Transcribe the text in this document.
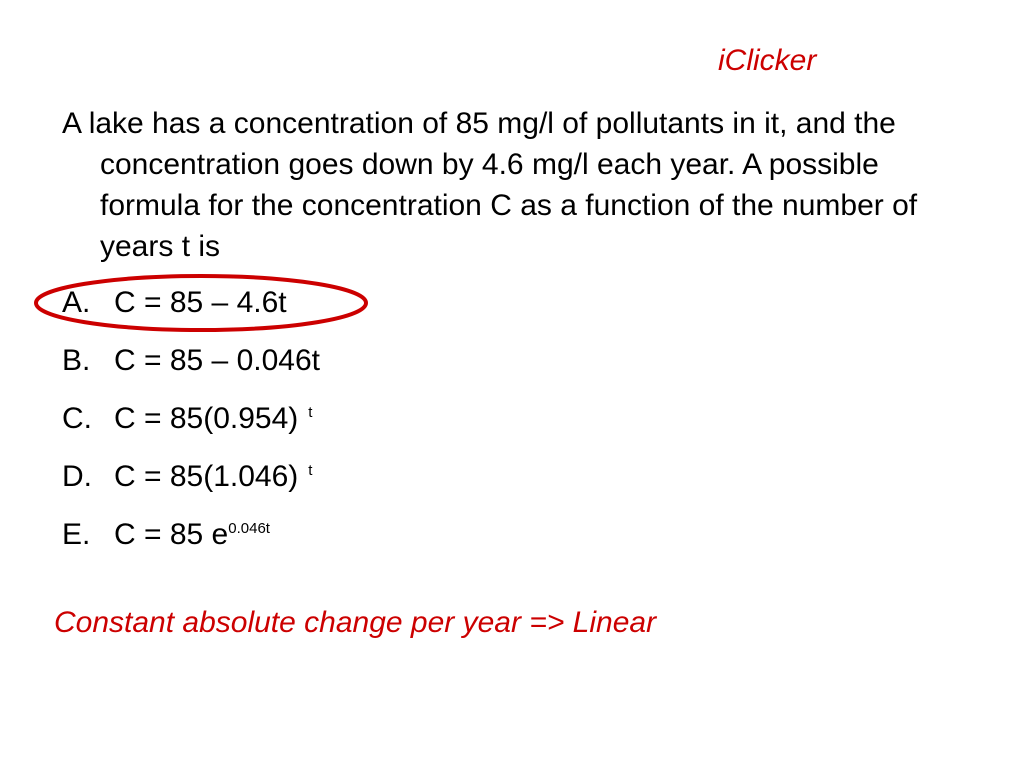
iClicker

A lake has a concentration of 85 mg/l of pollutants in it, and the concentration goes down by 4.6 mg/l each year. A possible formula for the concentration C as a function of the number of years t is

A. C = 85 – 4.6t
B. C = 85 – 0.046t
C. C = 85(0.954) $^t$
D. C = 85(1.046) $^t$
E. C = 85 $e^{0.046t}$
Constant absolute change per year => Linear
